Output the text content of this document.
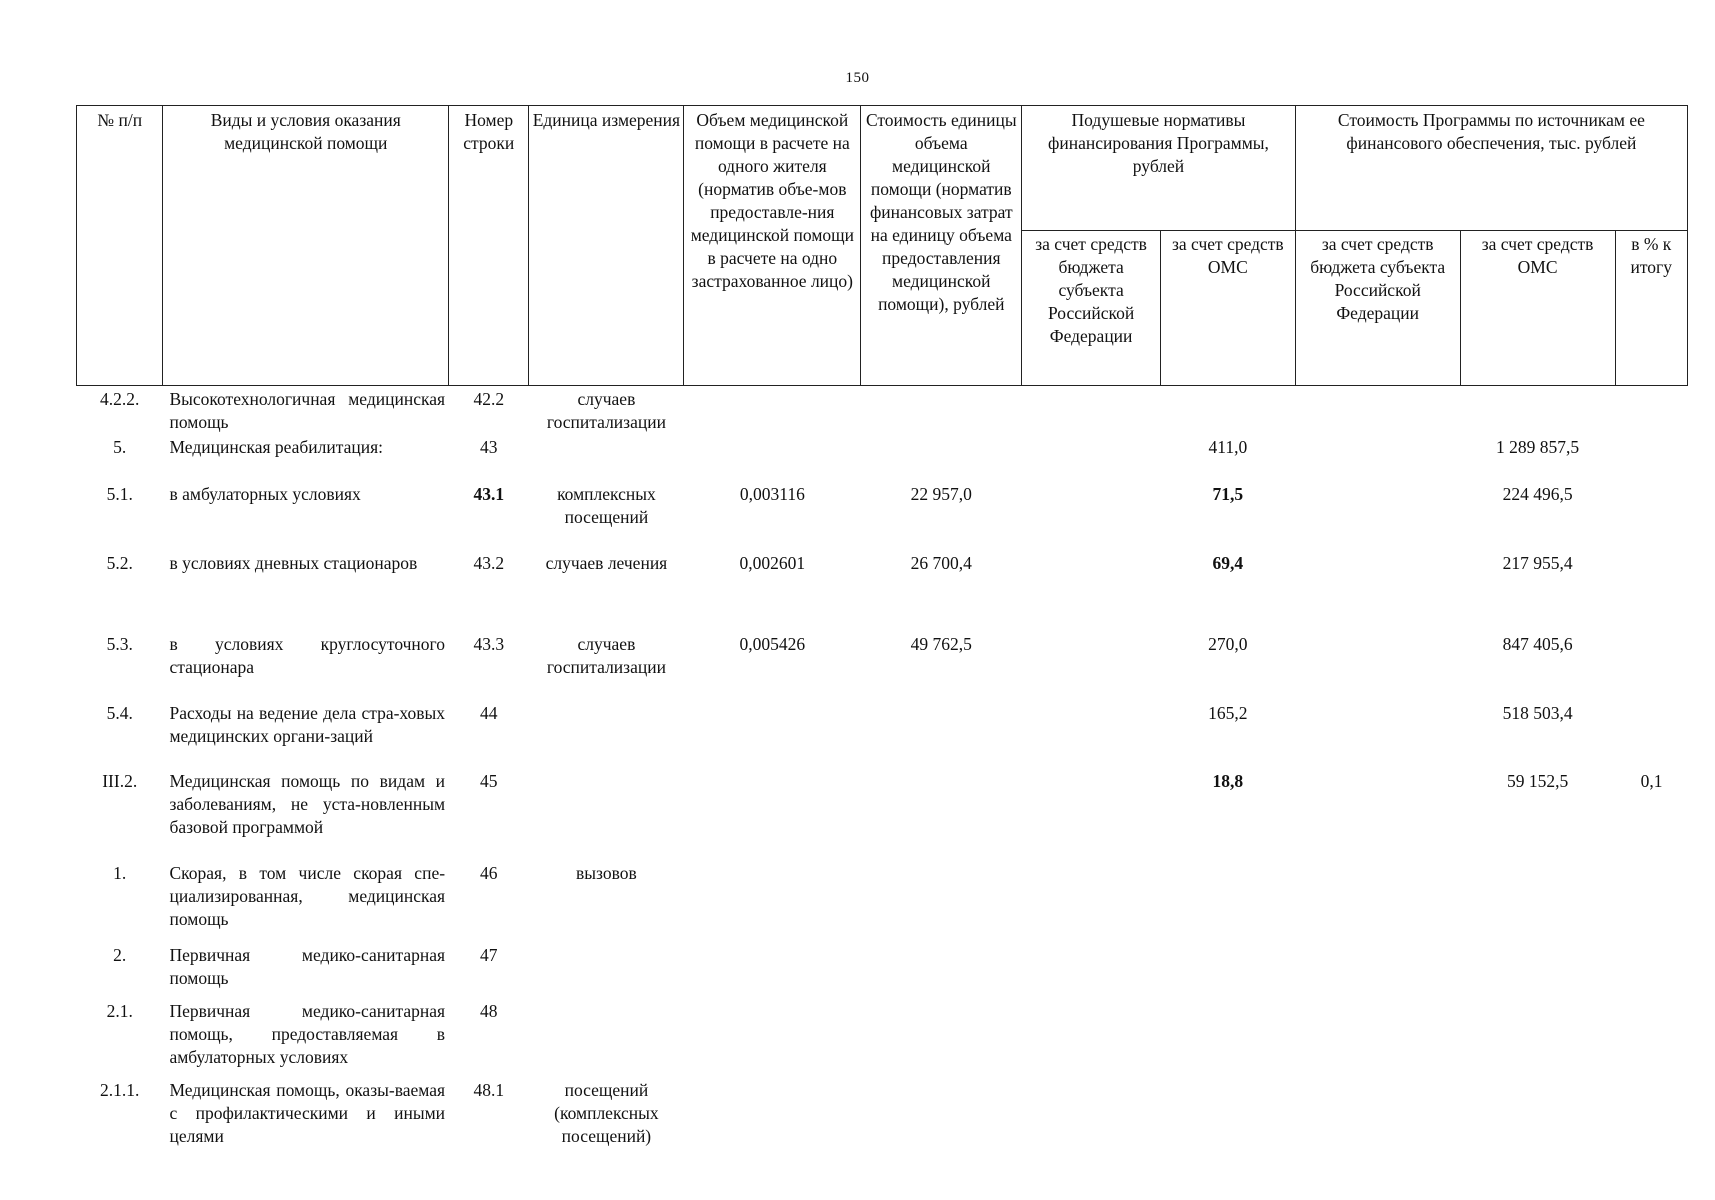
150
№ п/п	Виды и условия оказания медицинской помощи	Номер строки	Единица измерения	Объем медицинской помощи в расчете на одного жителя (норматив объе-мов предоставле-ния медицинской помощи в расчете на одно застрахованное лицо)	Стоимость единицы объема медицинской помощи (норматив финансовых затрат на единицу объема предоставления медицинской помощи), рублей	Подушевые нормативы финансирования Программы, рублей		Стоимость Программы по источникам ее финансового обеспечения, тыс. рублей		
						за счет средств бюджета субъекта Российской Федерации	за счет средств ОМС	за счет средств бюджета субъекта Российской Федерации	за счет средств ОМС	в % к итогу
4.2.2.	Высокотехнологичная медицинская помощь	42.2	случаев госпитализации							
5.	Медицинская реабилитация:	43					411,0		1 289 857,5	
5.1.	в амбулаторных условиях	43.1	комплексных посещений	0,003116	22 957,0		71,5		224 496,5	
5.2.	в условиях дневных стационаров	43.2	случаев лечения	0,002601	26 700,4		69,4		217 955,4	
5.3.	в условиях круглосуточного стационара	43.3	случаев госпитализации	0,005426	49 762,5		270,0		847 405,6	
5.4.	Расходы на ведение дела стра-ховых медицинских органи-заций	44					165,2		518 503,4	
III.2.	Медицинская помощь по видам и заболеваниям, не уста-новленным базовой программой	45					18,8		59 152,5	0,1
1.	Скорая, в том числе скорая спе-циализированная, медицинская помощь	46	вызовов							
2.	Первичная медико-санитарная помощь	47								
2.1.	Первичная медико-санитарная помощь, предоставляемая в амбулаторных условиях	48								
2.1.1.	Медицинская помощь, оказы-ваемая с профилактическими и иными целями	48.1	посещений (комплексных посещений)							
